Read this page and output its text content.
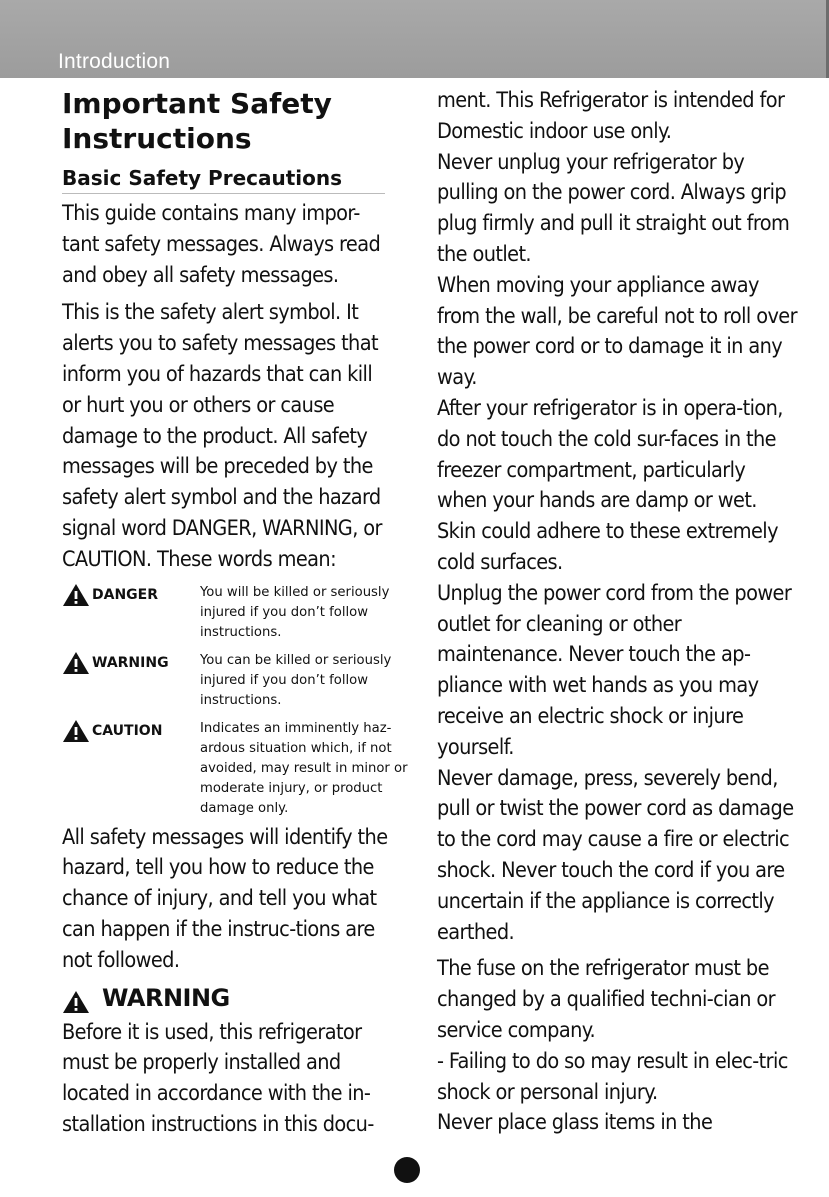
Introduction
Important Safety
Instructions
Basic Safety Precautions

This guide contains many impor-tant safety messages. Always read and obey all safety messages.

This is the safety alert symbol. It alerts you to safety messages that inform you of hazards that can kill or hurt you or others or cause damage to the product. All safety messages will be preceded by the safety alert symbol and the hazard signal word DANGER, WARNING, or CAUTION. These words mean:

DANGER	You will be killed or seriously injured if you don’t follow instructions.
WARNING You can be killed or seriously injured if you don’t follow instructions.
CAUTION	Indicates an imminently haz-ardous situation which, if not avoided, may result in minor or moderate injury, or product damage only.

All safety messages will identify the hazard, tell you how to reduce the chance of injury, and tell you what can happen if the instruc-tions are not followed.

WARNING

Before it is used, this refrigerator must be properly installed and located in accordance with the in-stallation instructions in this docu-

ment. This Refrigerator is intended for Domestic indoor use only.

Never unplug your refrigerator by pulling on the power cord. Always grip plug firmly and pull it straight out from the outlet.

When moving your appliance away from the wall, be careful not to roll over the power cord or to damage it in any way.

After your refrigerator is in opera-tion, do not touch the cold sur-faces in the freezer compartment, particularly when your hands are damp or wet. Skin could adhere to these extremely cold surfaces.

Unplug the power cord from the power outlet for cleaning or other maintenance. Never touch the ap-pliance with wet hands as you may receive an electric shock or injure yourself.

Never damage, press, severely bend, pull or twist the power cord as damage to the cord may cause a fire or electric shock. Never touch the cord if you are uncertain if the appliance is correctly earthed.

The fuse on the refrigerator must be changed by a qualified techni-cian or service company.

- Failing to do so may result in elec-tric shock or personal injury.

Never place glass items in the
